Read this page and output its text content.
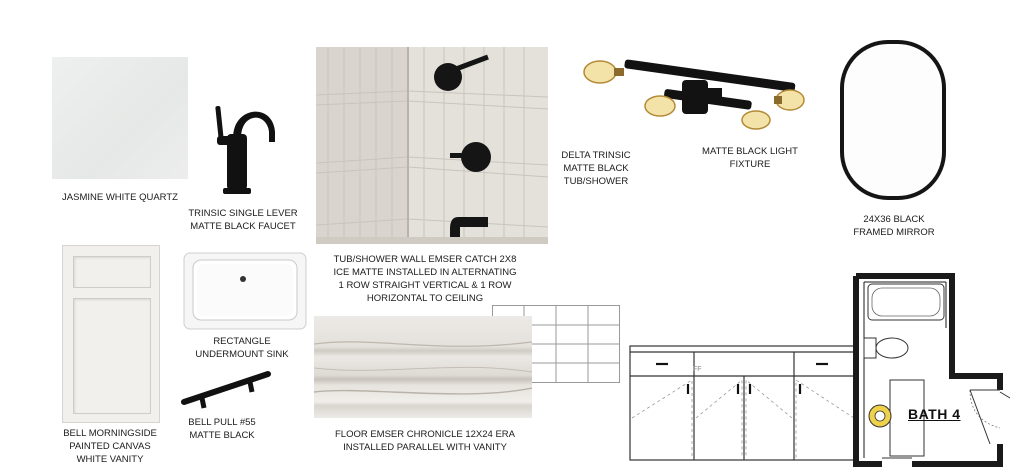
JASMINE WHITE QUARTZ
TRINSIC SINGLE LEVER
MATTE BLACK FAUCET
TUB/SHOWER WALL EMSER CATCH 2X8
ICE MATTE INSTALLED IN ALTERNATING
1 ROW STRAIGHT VERTICAL & 1 ROW
HORIZONTAL TO CEILING
DELTA TRINSIC
MATTE BLACK
TUB/SHOWER
MATTE BLACK LIGHT
FIXTURE
24X36 BLACK
FRAMED MIRROR
BELL MORNINGSIDE
PAINTED CANVAS
WHITE VANITY
RECTANGLE
UNDERMOUNT SINK
BELL PULL #55
MATTE BLACK	FLOOR EMSER CHRONICLE 12X24 ERA
INSTALLED PARALLEL WITH VANITY
FF
BATH 4
